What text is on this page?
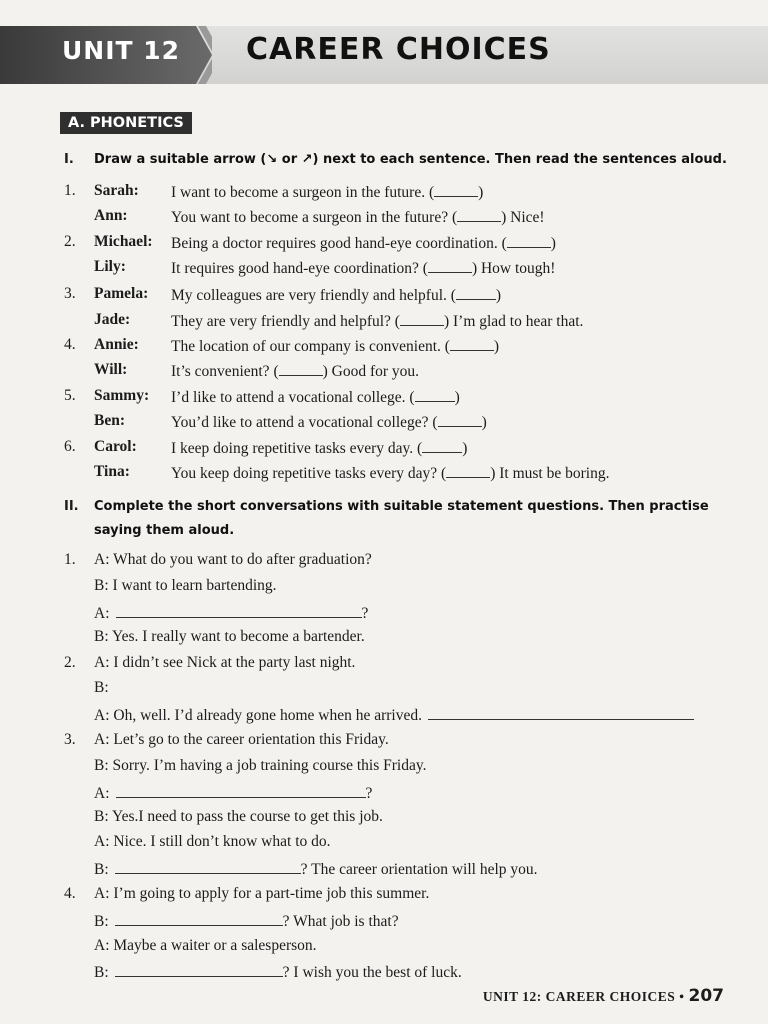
UNIT 12 CAREER CHOICES
A. PHONETICS
I. Draw a suitable arrow (↘ or ↗) next to each sentence. Then read the sentences aloud.
1. Sarah: I want to become a surgeon in the future. (	)
Ann:	You want to become a surgeon in the future? (	) Nice!
2. Michael: Being a doctor requires good hand-eye coordination. (	)
Lily:	It requires good hand-eye coordination? (	) How tough!
3. Pamela: My colleagues are very friendly and helpful. (	)
Jade:	They are very friendly and helpful? (	) I’m glad to hear that.
4. Annie: The location of our company is convenient. (	)
Will:	It’s convenient? (	) Good for you.
5. Sammy: I’d like to attend a vocational college. (	)
Ben:	You’d like to attend a vocational college? (	)
6. Carol: I keep doing repetitive tasks every day. (	)
Tina:	You keep doing repetitive tasks every day? (	) It must be boring.
II. Complete the short conversations with suitable statement questions. Then practise
saying them aloud.
1. A: What do you want to do after graduation?
B: I want to learn bartending.
A:	?
B: Yes. I really want to become a bartender.
2. A: I didn’t see Nick at the party last night.
B:
A: Oh, well. I’d already gone home when he arrived.
3. A: Let’s go to the career orientation this Friday.
B: Sorry. I’m having a job training course this Friday.
A:	?
B: Yes.I need to pass the course to get this job.
A: Nice. I still don’t know what to do.
B:	? The career orientation will help you.
4. A: I’m going to apply for a part-time job this summer.
B:	? What job is that?
A: Maybe a waiter or a salesperson.
B:	? I wish you the best of luck.
UNIT 12: CAREER CHOICES • 207
